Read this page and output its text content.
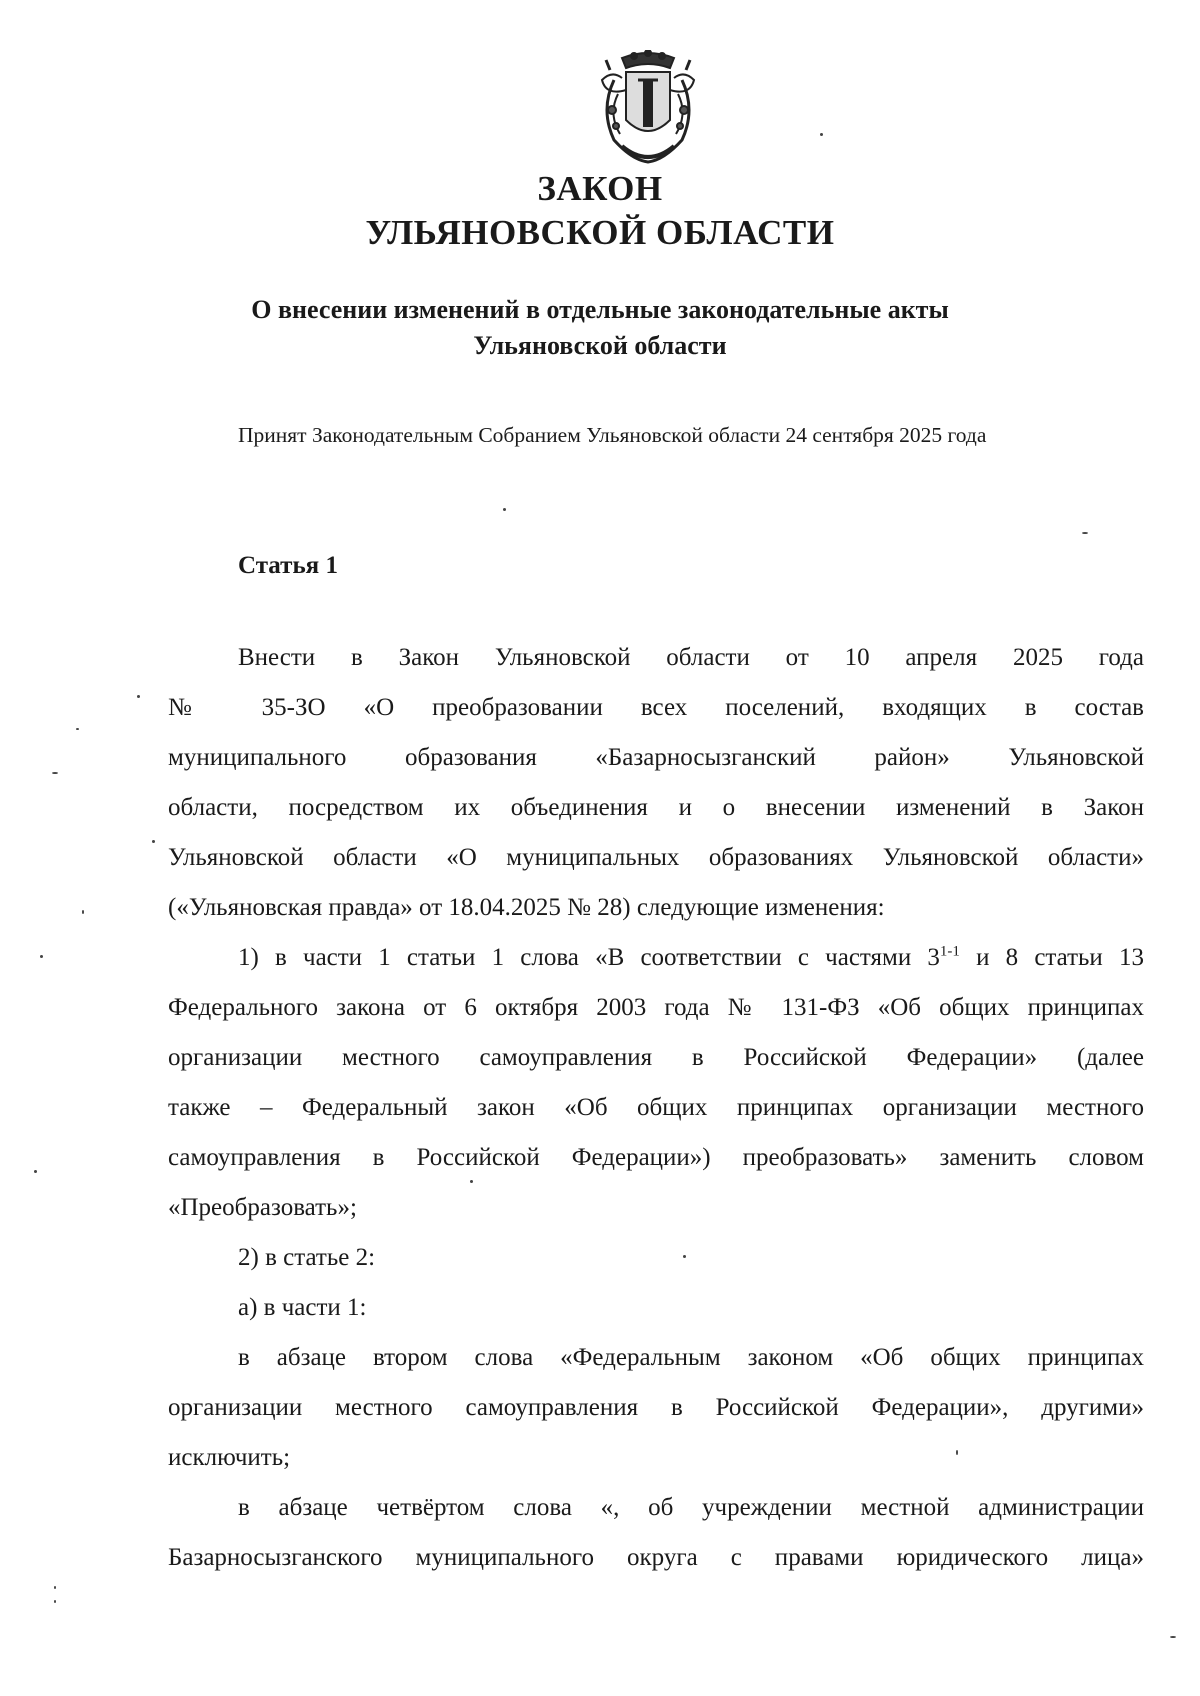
ЗАКОН
УЛЬЯНОВСКОЙ ОБЛАСТИ
О внесении изменений в отдельные законодательные акты
Ульяновской области
Принят Законодательным Собранием Ульяновской области 24 сентября 2025 года
Статья 1
Внести в Закон Ульяновской области от 10 апреля 2025 года
№ 35-ЗО «О преобразовании всех поселений, входящих в состав
муниципального образования «Базарносызганский район» Ульяновской
области, посредством их объединения и о внесении изменений в Закон
Ульяновской области «О муниципальных образованиях Ульяновской области»
(«Ульяновская правда» от 18.04.2025 № 28) следующие изменения:
1) в части 1 статьи 1 слова «В соответствии с частями 3$^{1-1}$ и 8 статьи 13
Федерального закона от 6 октября 2003 года № 131-ФЗ «Об общих принципах
организации местного самоуправления в Российской Федерации» (далее
также – Федеральный закон «Об общих принципах организации местного
самоуправления в Российской Федерации») преобразовать» заменить словом
«Преобразовать»;
2) в статье 2:
а) в части 1:
в абзаце втором слова «Федеральным законом «Об общих принципах
организации местного самоуправления в Российской Федерации», другими»
исключить;
в абзаце четвёртом слова «, об учреждении местной администрации
Базарносызганского муниципального округа с правами юридического лица»
